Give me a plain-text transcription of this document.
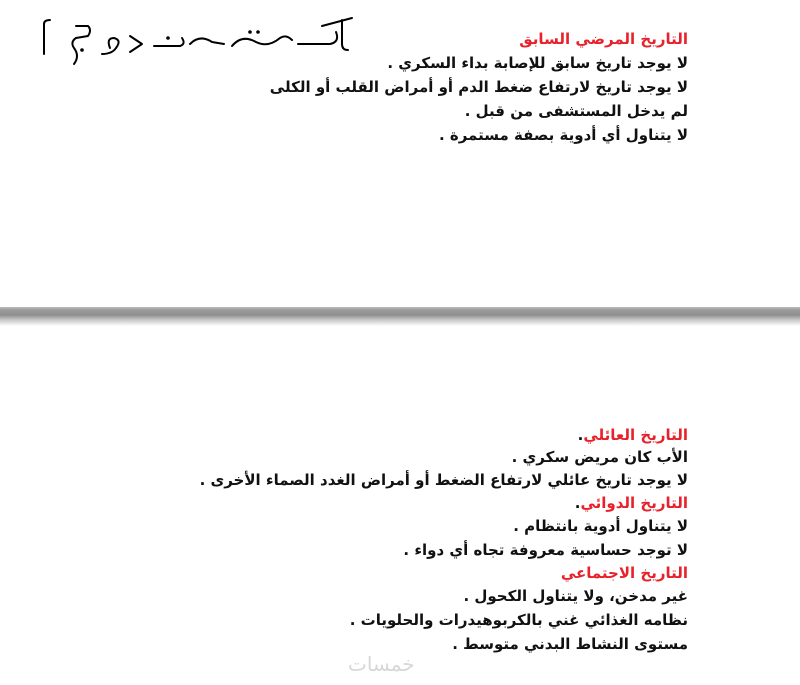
التاريخ المرضي السابق
لا يوجد تاريخ سابق للإصابة بداء السكري .
لا يوجد تاريخ لارتفاع ضغط الدم أو أمراض القلب أو الكلى
لم يدخل المستشفى من قبل .
لا يتناول أي أدوية بصفة مستمرة .
التاريخ العائلي.
الأب كان مريض سكري .
لا يوجد تاريخ عائلي لارتفاع الضغط أو أمراض الغدد الصماء الأخرى .
التاريخ الدوائي.
لا يتناول أدوية بانتظام .
لا توجد حساسية معروفة تجاه أي دواء .
التاريخ الاجتماعي
غير مدخن، ولا يتناول الكحول .
نظامه الغذائي غني بالكربوهيدرات والحلويات .
مستوى النشاط البدني متوسط .
خمسات
